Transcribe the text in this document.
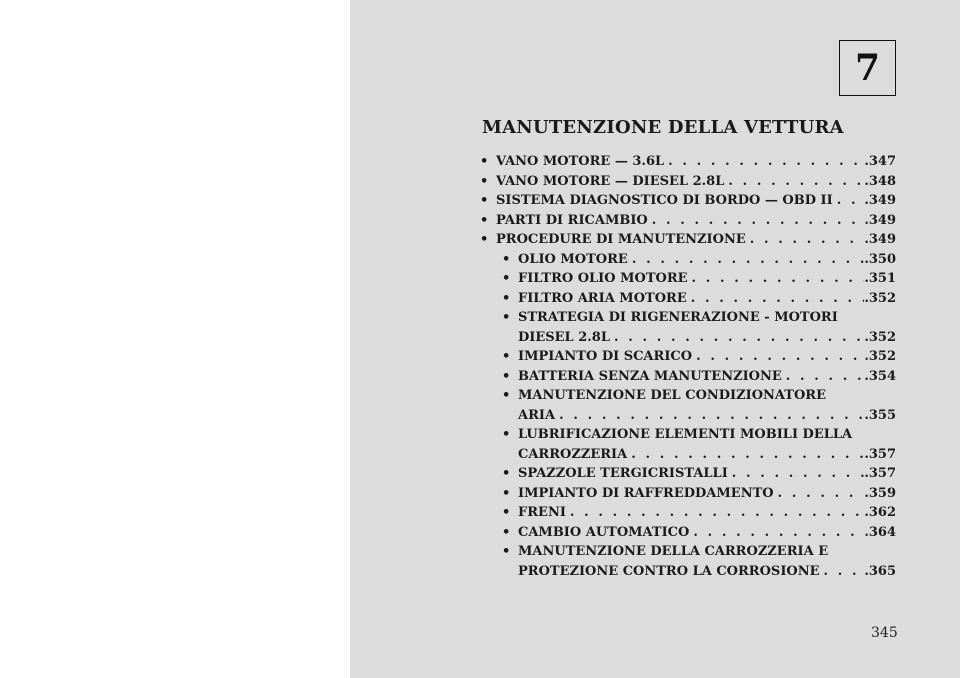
7
MANUTENZIONE DELLA VETTURA
• VANO MOTORE — 3.6L . . .	.347
• VANO MOTORE — DIESEL 2.8L . . .	.348
• SISTEMA DIAGNOSTICO DI BORDO — OBD II . . . .349
• PARTI DI RICAMBIO . . .	.349
• PROCEDURE DI MANUTENZIONE . . .	.349
• OLIO MOTORE . . .	.350
• FILTRO OLIO MOTORE . . .	.351
• FILTRO ARIA MOTORE . . .	.352
• STRATEGIA DI RIGENERAZIONE - MOTORI
DIESEL 2.8L . . .	.352
• IMPIANTO DI SCARICO . . .	.352
• BATTERIA SENZA MANUTENZIONE . . .	.354
• MANUTENZIONE DEL CONDIZIONATORE
ARIA . . .	.355
• LUBRIFICAZIONE ELEMENTI MOBILI DELLA
CARROZZERIA . . .	.357
• SPAZZOLE TERGICRISTALLI . . .	.357
• IMPIANTO DI RAFFREDDAMENTO . . .	.359
• FRENI . . .	.362
• CAMBIO AUTOMATICO . . .	.364
• MANUTENZIONE DELLA CARROZZERIA E
PROTEZIONE CONTRO LA CORROSIONE . . .	.365
345
